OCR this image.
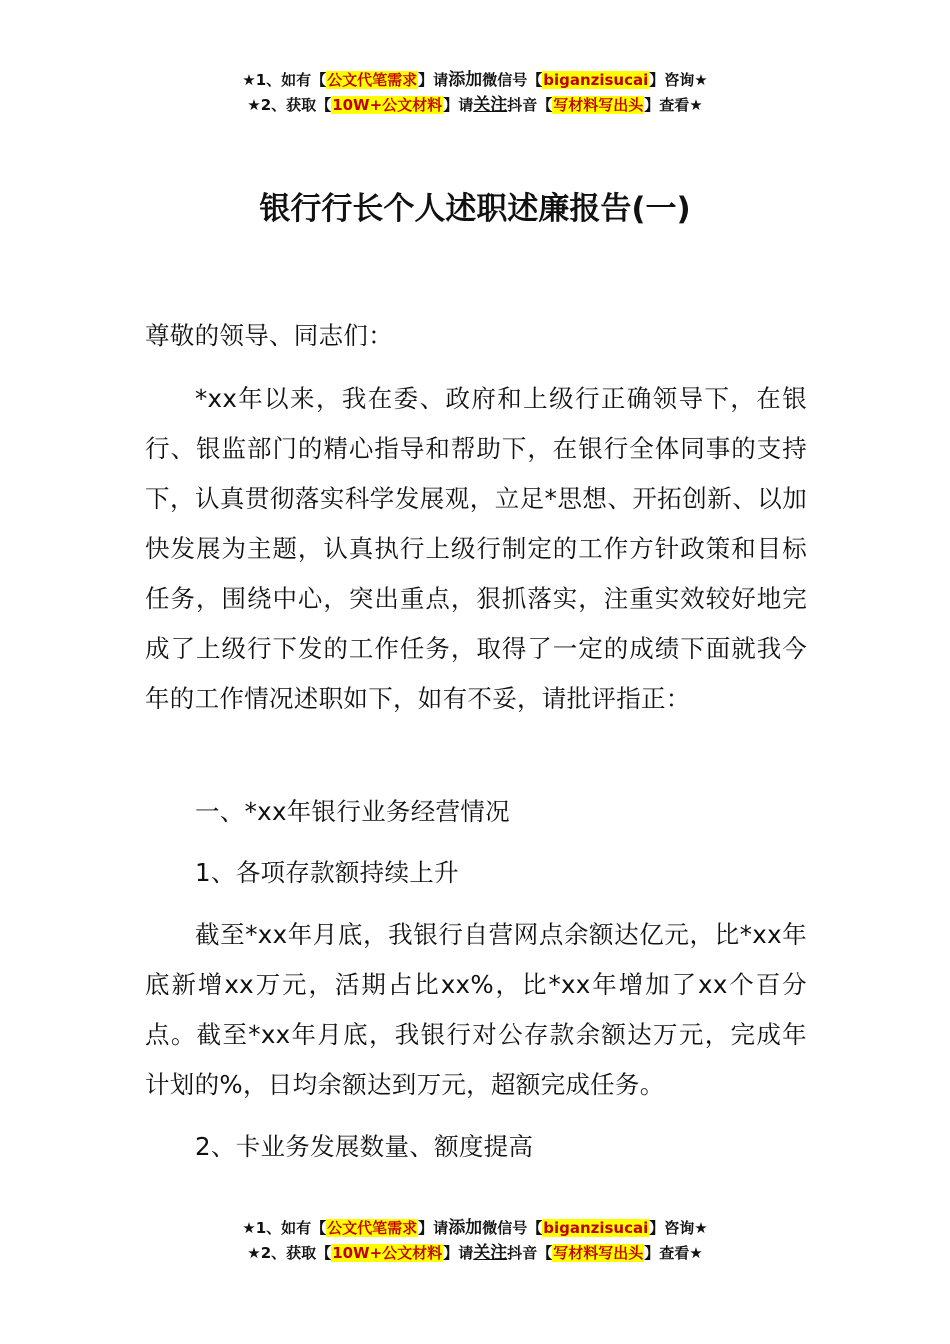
★1、如有【公文代笔需求】请添加微信号【biganzisucai】咨询★
★2、获取【10W+公文材料】请关注抖音【写材料写出头】查看★
银行行长个人述职述廉报告(一)

尊敬的领导、同志们：

*xx年以来，我在委、政府和上级行正确领导下，在银行、银监部门的精心指导和帮助下，在银行全体同事的支持下，认真贯彻落实科学发展观，立足*思想、开拓创新、以加快发展为主题，认真执行上级行制定的工作方针政策和目标任务，围绕中心，突出重点，狠抓落实，注重实效较好地完成了上级行下发的工作任务，取得了一定的成绩下面就我今年的工作情况述职如下，如有不妥，请批评指正：

一、*xx年银行业务经营情况

1、各项存款额持续上升

截至*xx年月底，我银行自营网点余额达亿元，比*xx年底新增xx万元，活期占比xx%，比*xx年增加了xx个百分点。截至*xx年月底，我银行对公存款余额达万元，完成年计划的%，日均余额达到万元，超额完成任务。

2、卡业务发展数量、额度提高

★1、如有【公文代笔需求】请添加微信号【biganzisucai】咨询★
★2、获取【10W+公文材料】请关注抖音【写材料写出头】查看★
